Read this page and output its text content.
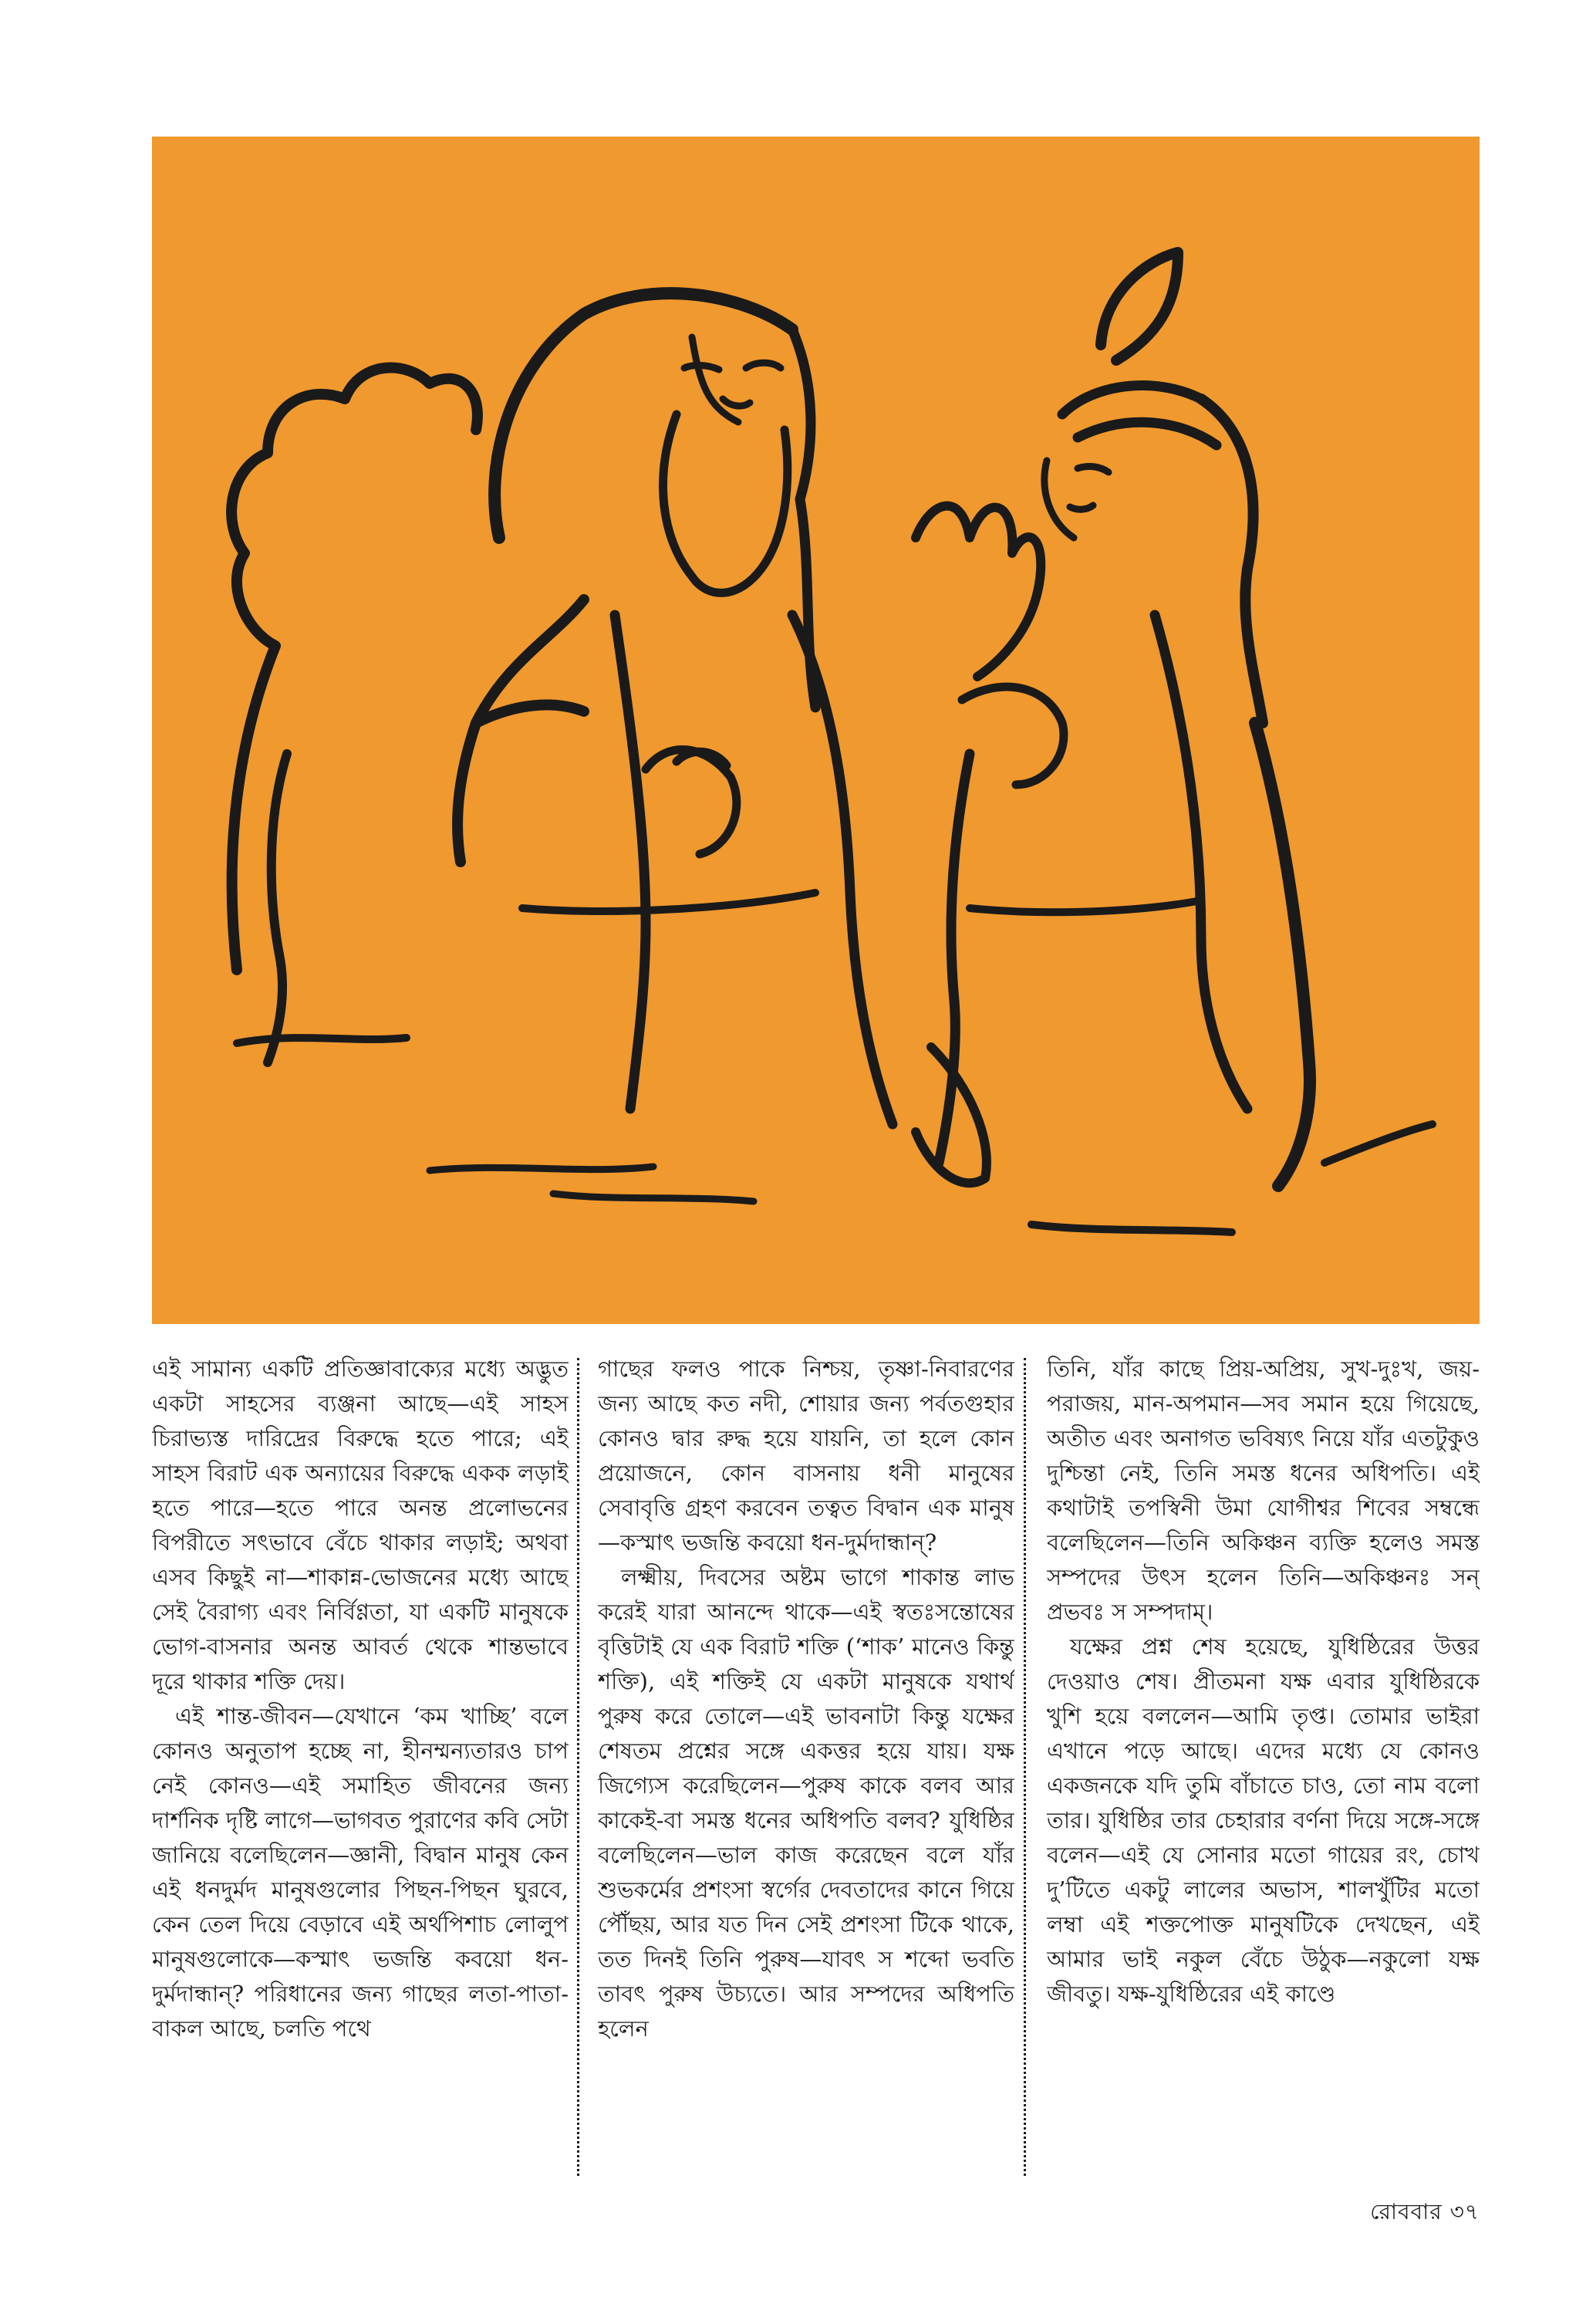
এই সামান্য একটি প্রতিজ্ঞাবাক্যের মধ্যে অদ্ভুত একটা সাহসের ব্যঞ্জনা আছে—এই সাহস চিরাভ্যস্ত দারিদ্রের বিরুদ্ধে হতে পারে; এই সাহস বিরাট এক অন্যায়ের বিরুদ্ধে একক লড়াই হতে পারে—হতে পারে অনন্ত প্রলোভনের বিপরীতে সৎভাবে বেঁচে থাকার লড়াই; অথবা এসব কিছুই না—শাকান্ন-ভোজনের মধ্যে আছে সেই বৈরাগ্য এবং নির্বিণ্ণতা, যা একটি মানুষকে ভোগ-বাসনার অনন্ত আবর্ত থেকে শান্তভাবে দূরে থাকার শক্তি দেয়।

এই শান্ত-জীবন—যেখানে ‘কম খাচ্ছি’ বলে কোনও অনুতাপ হচ্ছে না, হীনম্মন্যতারও চাপ নেই কোনও—এই সমাহিত জীবনের জন্য দার্শনিক দৃষ্টি লাগে—ভাগবত পুরাণের কবি সেটা জানিয়ে বলেছিলেন—জ্ঞানী, বিদ্বান মানুষ কেন এই ধনদুর্মদ মানুষগুলোর পিছন-পিছন ঘুরবে, কেন তেল দিয়ে বেড়াবে এই অর্থপিশাচ লোলুপ মানুষগুলোকে—কস্মাৎ ভজন্তি কবয়ো ধন-দুর্মদান্ধান্? পরিধানের জন্য গাছের লতা-পাতা-বাকল আছে, চলতি পথে

গাছের ফলও পাকে নিশ্চয়, তৃষ্ণা-নিবারণের জন্য আছে কত নদী, শোয়ার জন্য পর্বতগুহার কোনও দ্বার রুদ্ধ হয়ে যায়নি, তা হলে কোন প্রয়োজনে, কোন বাসনায় ধনী মানুষের সেবাবৃত্তি গ্রহণ করবেন তত্বত বিদ্বান এক মানুষ—কস্মাৎ ভজন্তি কবয়ো ধন-দুর্মদান্ধান্?

লক্ষ্মীয়, দিবসের অষ্টম ভাগে শাকান্ত লাভ করেই যারা আনন্দে থাকে—এই স্বতঃসন্তোষের বৃত্তিটাই যে এক বিরাট শক্তি (‘শাক’ মানেও কিন্তু শক্তি), এই শক্তিই যে একটা মানুষকে যথার্থ পুরুষ করে তোলে—এই ভাবনাটা কিন্তু যক্ষের শেষতম প্রশ্নের সঙ্গে একত্তর হয়ে যায়। যক্ষ জিগ্যেস করেছিলেন—পুরুষ কাকে বলব আর কাকেই-বা সমস্ত ধনের অধিপতি বলব? যুধিষ্ঠির বলেছিলেন—ভাল কাজ করেছেন বলে যাঁর শুভকর্মের প্রশংসা স্বর্গের দেবতাদের কানে গিয়ে পৌঁছয়, আর যত দিন সেই প্রশংসা টিকে থাকে, তত দিনই তিনি পুরুষ—যাবৎ স শব্দো ভবতি তাবৎ পুরুষ উচ্যতে। আর সম্পদের অধিপতি হলেন

তিনি, যাঁর কাছে প্রিয়-অপ্রিয়, সুখ-দুঃখ, জয়-পরাজয়, মান-অপমান—সব সমান হয়ে গিয়েছে, অতীত এবং অনাগত ভবিষ্যৎ নিয়ে যাঁর এতটুকুও দুশ্চিন্তা নেই, তিনি সমস্ত ধনের অধিপতি। এই কথাটাই তপস্বিনী উমা যোগীশ্বর শিবের সম্বন্ধে বলেছিলেন—তিনি অকিঞ্চন ব্যক্তি হলেও সমস্ত সম্পদের উৎস হলেন তিনি—অকিঞ্চনঃ সন্ প্রভবঃ স সম্পদাম্।

যক্ষের প্রশ্ন শেষ হয়েছে, যুধিষ্ঠিরের উত্তর দেওয়াও শেষ। প্রীতমনা যক্ষ এবার যুধিষ্ঠিরকে খুশি হয়ে বললেন—আমি তৃপ্ত। তোমার ভাইরা এখানে পড়ে আছে। এদের মধ্যে যে কোনও একজনকে যদি তুমি বাঁচাতে চাও, তো নাম বলো তার। যুধিষ্ঠির তার চেহারার বর্ণনা দিয়ে সঙ্গে-সঙ্গে বলেন—এই যে সোনার মতো গায়ের রং, চোখ দু’টিতে একটু লালের অভাস, শালখুঁটির মতো লম্বা এই শক্তপোক্ত মানুষটিকে দেখছেন, এই আমার ভাই নকুল বেঁচে উঠুক—নকুলো যক্ষ জীবতু। যক্ষ-যুধিষ্ঠিরের এই কাণ্ডে

রোববার ৩৭
